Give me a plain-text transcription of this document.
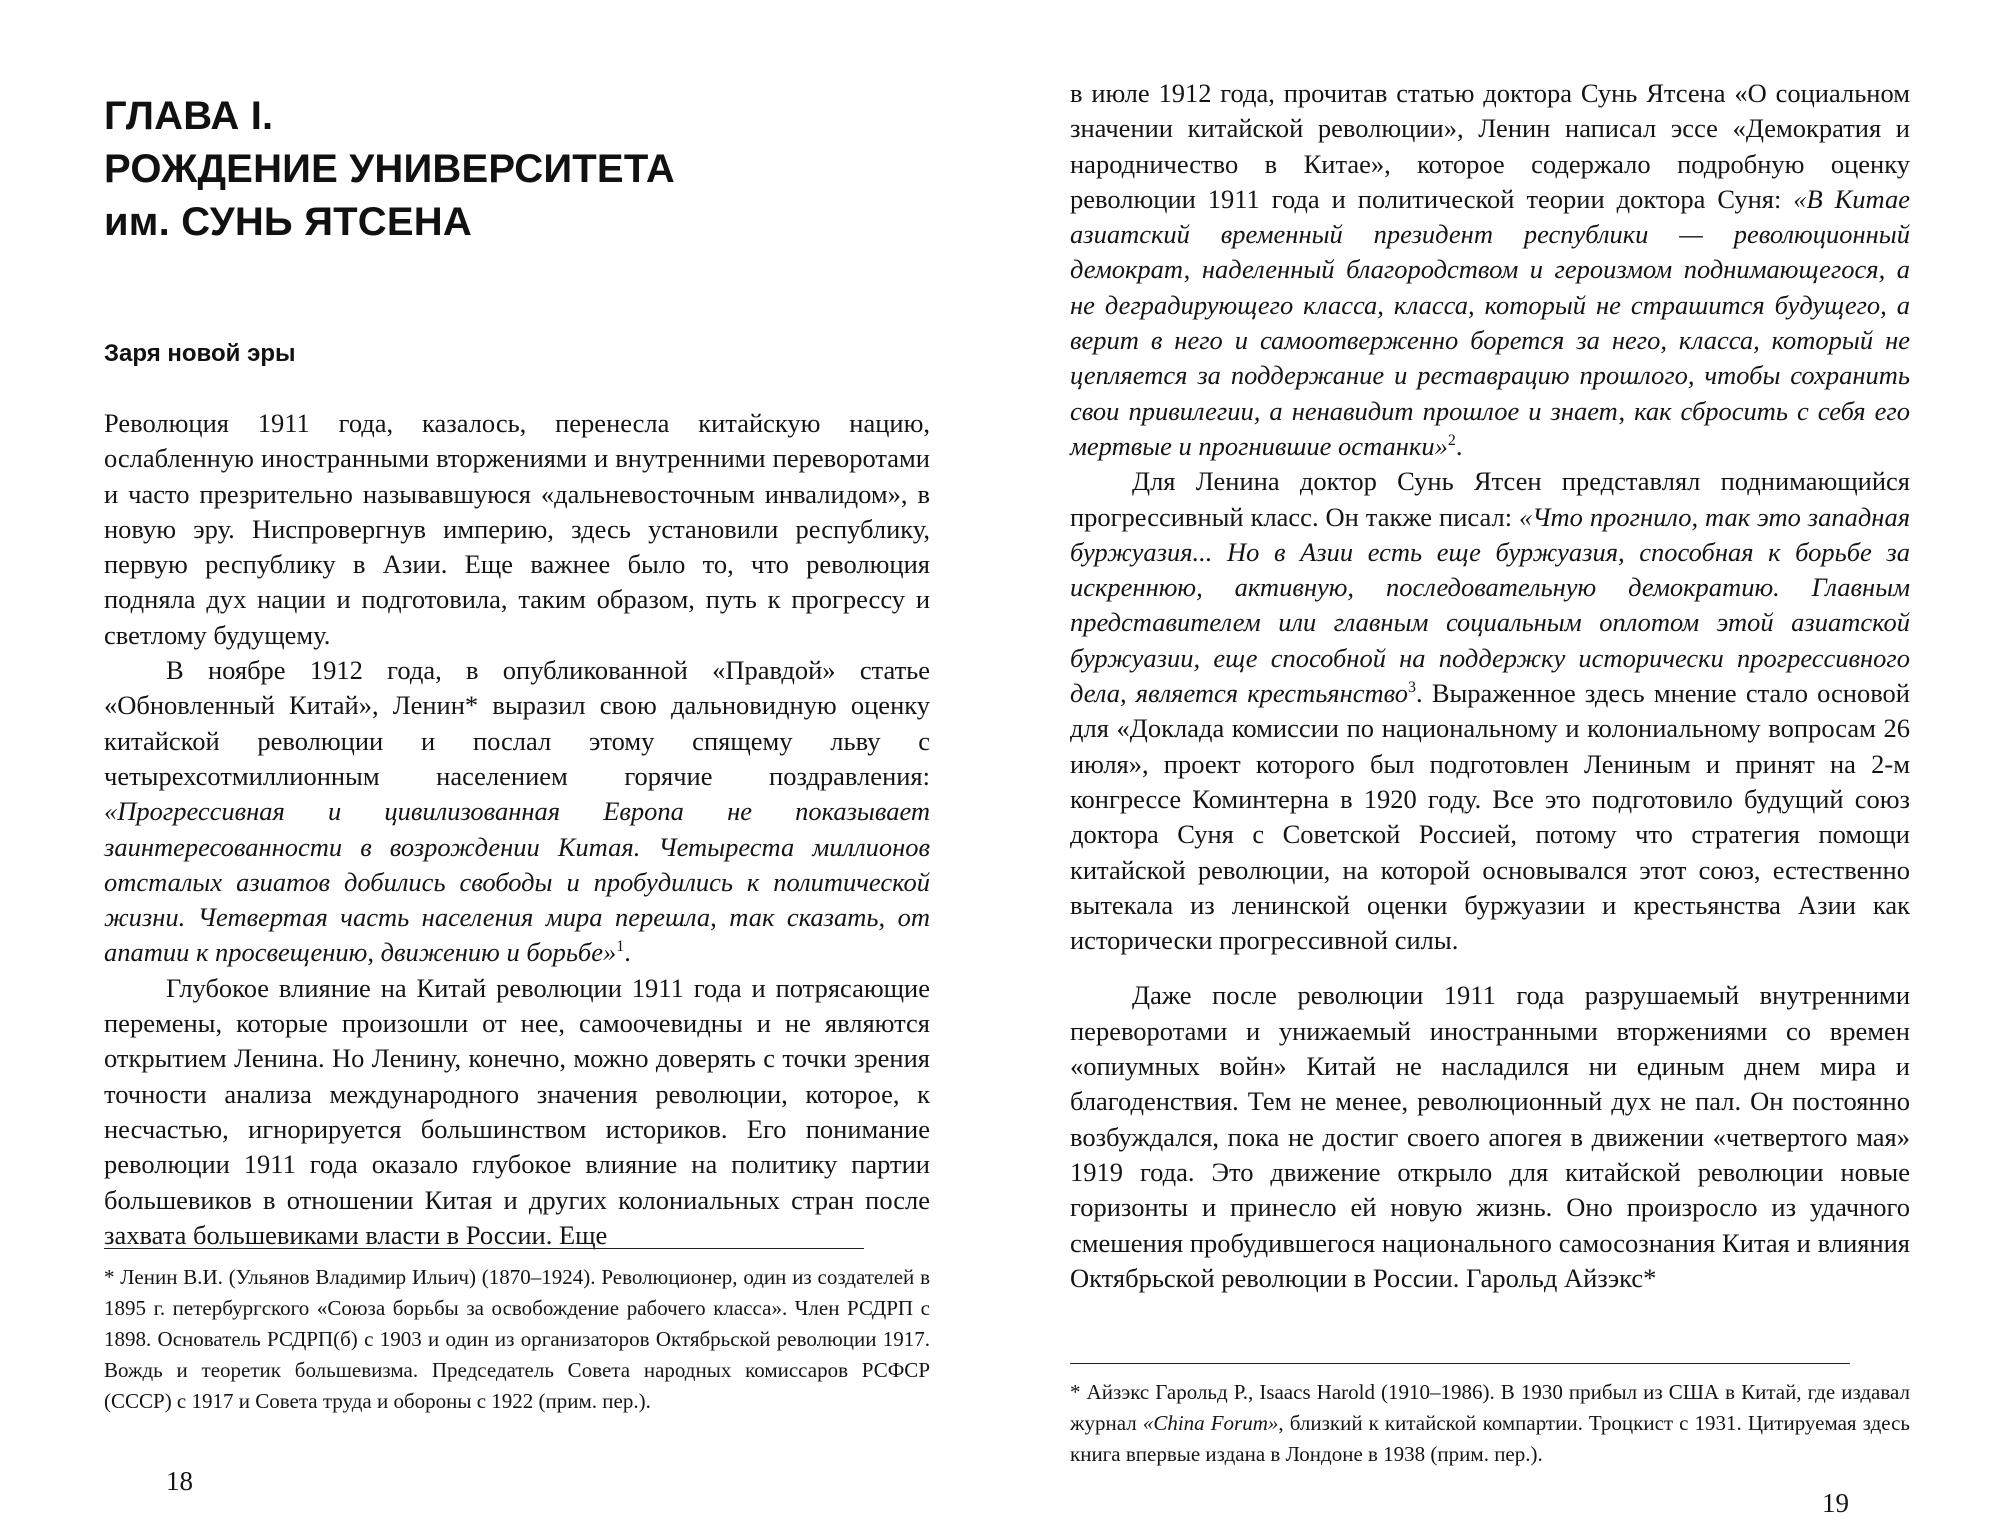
ГЛАВА I.
РОЖДЕНИЕ УНИВЕРСИТЕТА
им. СУНЬ ЯТСЕНА
Заря новой эры

Революция 1911 года, казалось, перенесла китайскую нацию, ослабленную иностранными вторжениями и внутренними переворотами и часто презрительно называвшуюся «дальневосточным инвалидом», в новую эру. Ниспровергнув империю, здесь установили республику, первую республику в Азии. Еще важнее было то, что революция подняла дух нации и подготовила, таким образом, путь к прогрессу и светлому будущему.

В ноябре 1912 года, в опубликованной «Правдой» статье «Обновленный Китай», Ленин* выразил свою дальновидную оценку китайской революции и послал этому спящему льву с четырехсотмиллионным населением горячие поздравления: «Прогрессивная и цивилизованная Европа не показывает заинтересованности в возрождении Китая. Четыреста миллионов отсталых азиатов добились свободы и пробудились к политической жизни. Четвертая часть населения мира перешла, так сказать, от апатии к просвещению, движению и борьбе»$^1$.

Глубокое влияние на Китай революции 1911 года и потрясающие перемены, которые произошли от нее, самоочевидны и не являются открытием Ленина. Но Ленину, конечно, можно доверять с точки зрения точности анализа международного значения революции, которое, к несчастью, игнорируется большинством историков. Его понимание революции 1911 года оказало глубокое влияние на политику партии большевиков в отношении Китая и других колониальных стран после захвата большевиками власти в России. Еще

* Ленин В.И. (Ульянов Владимир Ильич) (1870–1924). Революционер, один из создателей в 1895 г. петербургского «Союза борьбы за освобождение рабочего класса». Член РСДРП с 1898. Основатель РСДРП(б) с 1903 и один из организаторов Октябрьской революции 1917. Вождь и теоретик большевизма. Председатель Совета народных комиссаров РСФСР (СССР) с 1917 и Совета труда и обороны с 1922 (прим. пер.).

18

в июле 1912 года, прочитав статью доктора Сунь Ятсена «О социальном значении китайской революции», Ленин написал эссе «Демократия и народничество в Китае», которое содержало подробную оценку революции 1911 года и политической теории доктора Суня: «В Китае азиатский временный президент республики — революционный демократ, наделенный благородством и героизмом поднимающегося, а не деградирующего класса, класса, который не страшится будущего, а верит в него и самоотверженно борется за него, класса, который не цепляется за поддержание и реставрацию прошлого, чтобы сохранить свои привилегии, а ненавидит прошлое и знает, как сбросить с себя его мертвые и прогнившие останки»$^2$.

Для Ленина доктор Сунь Ятсен представлял поднимающийся прогрессивный класс. Он также писал: «Что прогнило, так это западная буржуазия... Но в Азии есть еще буржуазия, способная к борьбе за искреннюю, активную, последовательную демократию. Главным представителем или главным социальным оплотом этой азиатской буржуазии, еще способной на поддержку исторически прогрессивного дела, является крестьянство$^3$. Выраженное здесь мнение стало основой для «Доклада комиссии по национальному и колониальному вопросам 26 июля», проект которого был подготовлен Лениным и принят на 2-м конгрессе Коминтерна в 1920 году. Все это подготовило будущий союз доктора Суня с Советской Россией, потому что стратегия помощи китайской революции, на которой основывался этот союз, естественно вытекала из ленинской оценки буржуазии и крестьянства Азии как исторически прогрессивной силы.

Даже после революции 1911 года разрушаемый внутренними переворотами и унижаемый иностранными вторжениями со времен «опиумных войн» Китай не насладился ни единым днем мира и благоденствия. Тем не менее, революционный дух не пал. Он постоянно возбуждался, пока не достиг своего апогея в движении «четвертого мая» 1919 года. Это движение открыло для китайской революции новые горизонты и принесло ей новую жизнь. Оно произросло из удачного смешения пробудившегося национального самосознания Китая и влияния Октябрьской революции в России. Гарольд Айзэкс*

* Айзэкс Гарольд Р., Isaacs Harold (1910–1986). В 1930 прибыл из США в Китай, где издавал журнал «China Forum», близкий к китайской компартии. Троцкист с 1931. Цитируемая здесь книга впервые издана в Лондоне в 1938 (прим. пер.).

19
